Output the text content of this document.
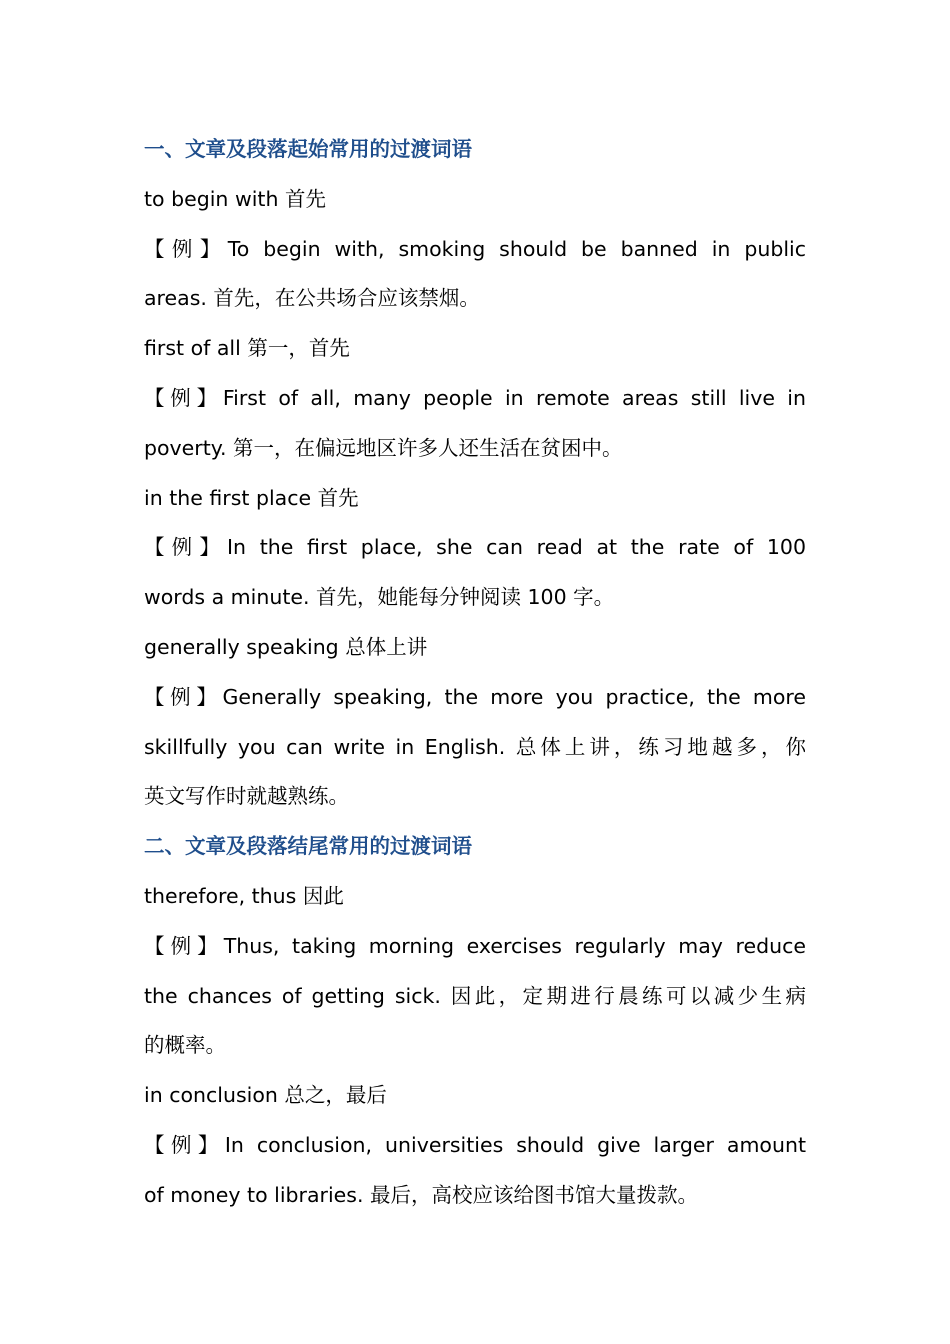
一、文章及段落起始常用的过渡词语
to begin with 首先
【例】To begin with, smoking should be banned in public
areas. 首先，在公共场合应该禁烟。
first of all 第一，首先
【例】First of all, many people in remote areas still live in
poverty. 第一，在偏远地区许多人还生活在贫困中。
in the first place 首先
【例】In the first place, she can read at the rate of 100
words a minute. 首先，她能每分钟阅读 100 字。
generally speaking 总体上讲
【例】Generally speaking, the more you practice, the more
skillfully you can write in English. 总体上讲，练习地越多，你
英文写作时就越熟练。
二、文章及段落结尾常用的过渡词语
therefore, thus 因此
【例】Thus, taking morning exercises regularly may reduce
the chances of getting sick. 因此，定期进行晨练可以减少生病
的概率。
in conclusion 总之，最后
【例】In conclusion, universities should give larger amount
of money to libraries. 最后，高校应该给图书馆大量拨款。
